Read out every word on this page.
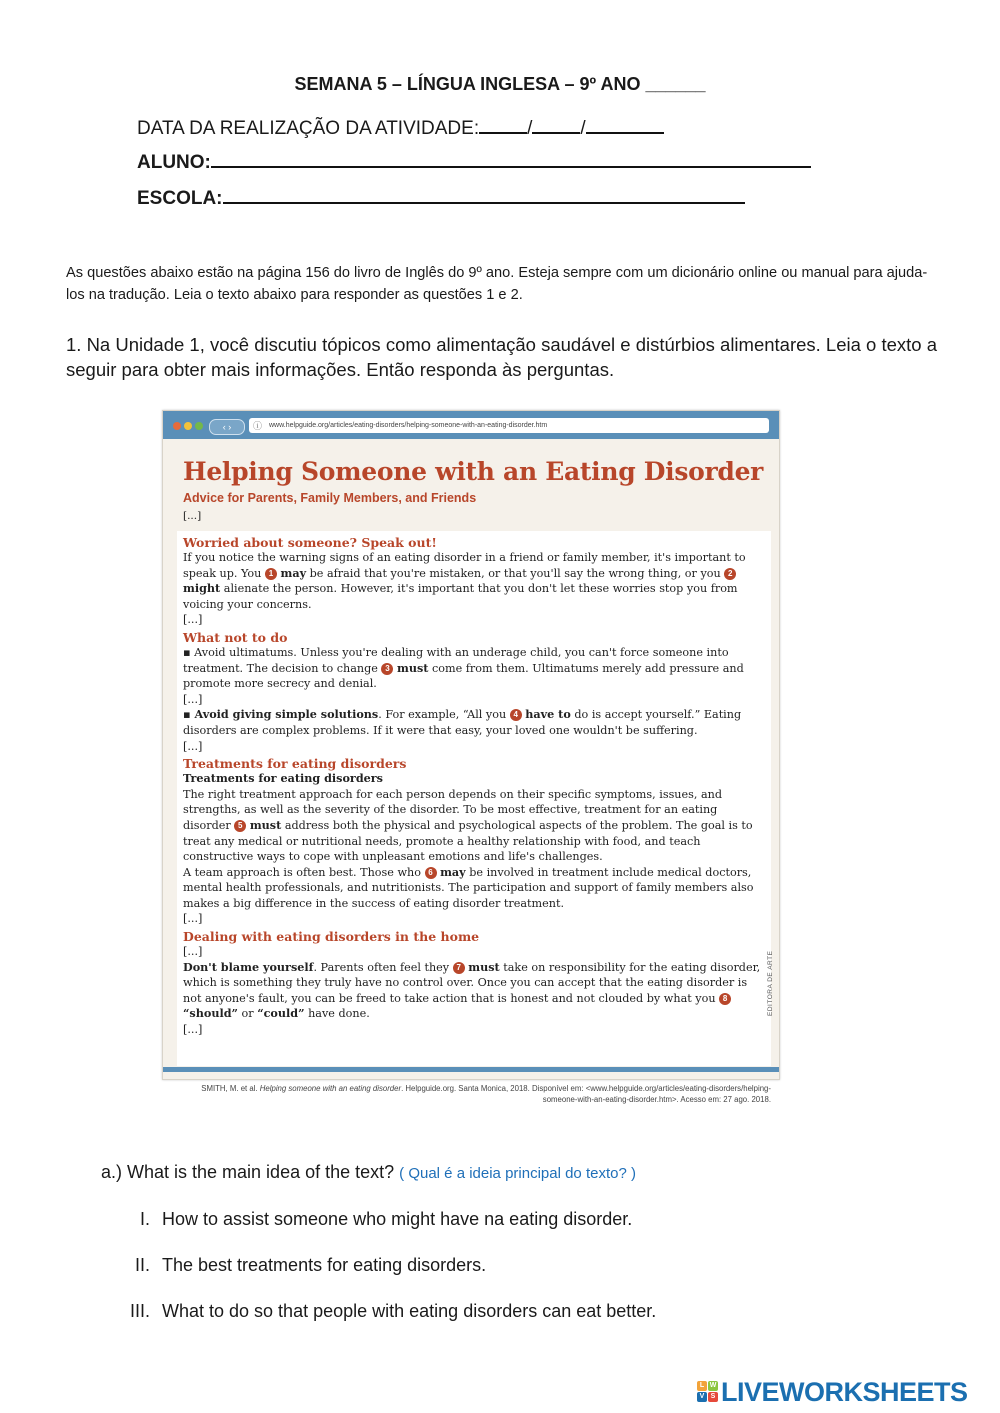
SEMANA 5 – LÍNGUA INGLESA – 9º ANO ______
DATA DA REALIZAÇÃO DA ATIVIDADE:	/	/
ALUNO:
ESCOLA:
As questões abaixo estão na página 156 do livro de Inglês do 9º ano. Esteja sempre com um dicionário online ou manual para ajuda-los na tradução. Leia o texto abaixo para responder as questões 1 e 2.
1. Na Unidade 1, você discutiu tópicos como alimentação saudável e distúrbios alimentares. Leia o texto a seguir para obter mais informações. Então responda às perguntas.
‹ ›	ⓘ www.helpguide.org/articles/eating-disorders/helping-someone-with-an-eating-disorder.htm
Helping Someone with an Eating Disorder
Advice for Parents, Family Members, and Friends
[...]
Worried about someone? Speak out!
If you notice the warning signs of an eating disorder in a friend or family member, it's important to speak up. You 1 may be afraid that you're mistaken, or that you'll say the wrong thing, or you 2 might alienate the person. However, it's important that you don't let these worries stop you from voicing your concerns.
[...]
What not to do
▪ Avoid ultimatums. Unless you're dealing with an underage child, you can't force someone into treatment. The decision to change 3 must come from them. Ultimatums merely add pressure and promote more secrecy and denial.
[...]
▪ Avoid giving simple solutions. For example, “All you 4 have to do is accept yourself.” Eating disorders are complex problems. If it were that easy, your loved one wouldn't be suffering.
[...]
Treatments for eating disorders
Treatments for eating disorders
The right treatment approach for each person depends on their specific symptoms, issues, and strengths, as well as the severity of the disorder. To be most effective, treatment for an eating disorder 5 must address both the physical and psychological aspects of the problem. The goal is to treat any medical or nutritional needs, promote a healthy relationship with food, and teach constructive ways to cope with unpleasant emotions and life's challenges.
A team approach is often best. Those who 6 may be involved in treatment include medical doctors, mental health professionals, and nutritionists. The participation and support of family members also makes a big difference in the success of eating disorder treatment.
[...]
Dealing with eating disorders in the home
[...]
Don't blame yourself. Parents often feel they 7 must take on responsibility for the eating disorder, which is something they truly have no control over. Once you can accept that the eating disorder is not anyone's fault, you can be freed to take action that is honest and not clouded by what you 8 “should” or “could” have done.
[...]
EDITORA DE ARTE
SMITH, M. et al. Helping someone with an eating disorder. Helpguide.org. Santa Monica, 2018. Disponível em: <www.helpguide.org/articles/eating-disorders/helping-someone-with-an-eating-disorder.htm>. Acesso em: 27 ago. 2018.
a.) What is the main idea of the text? ( Qual é a ideia principal do texto? )
I. How to assist someone who might have na eating disorder.
II. The best treatments for eating disorders.
III. What to do so that people with eating disorders can eat better.
L W
V S LIVEWORKSHEETS
